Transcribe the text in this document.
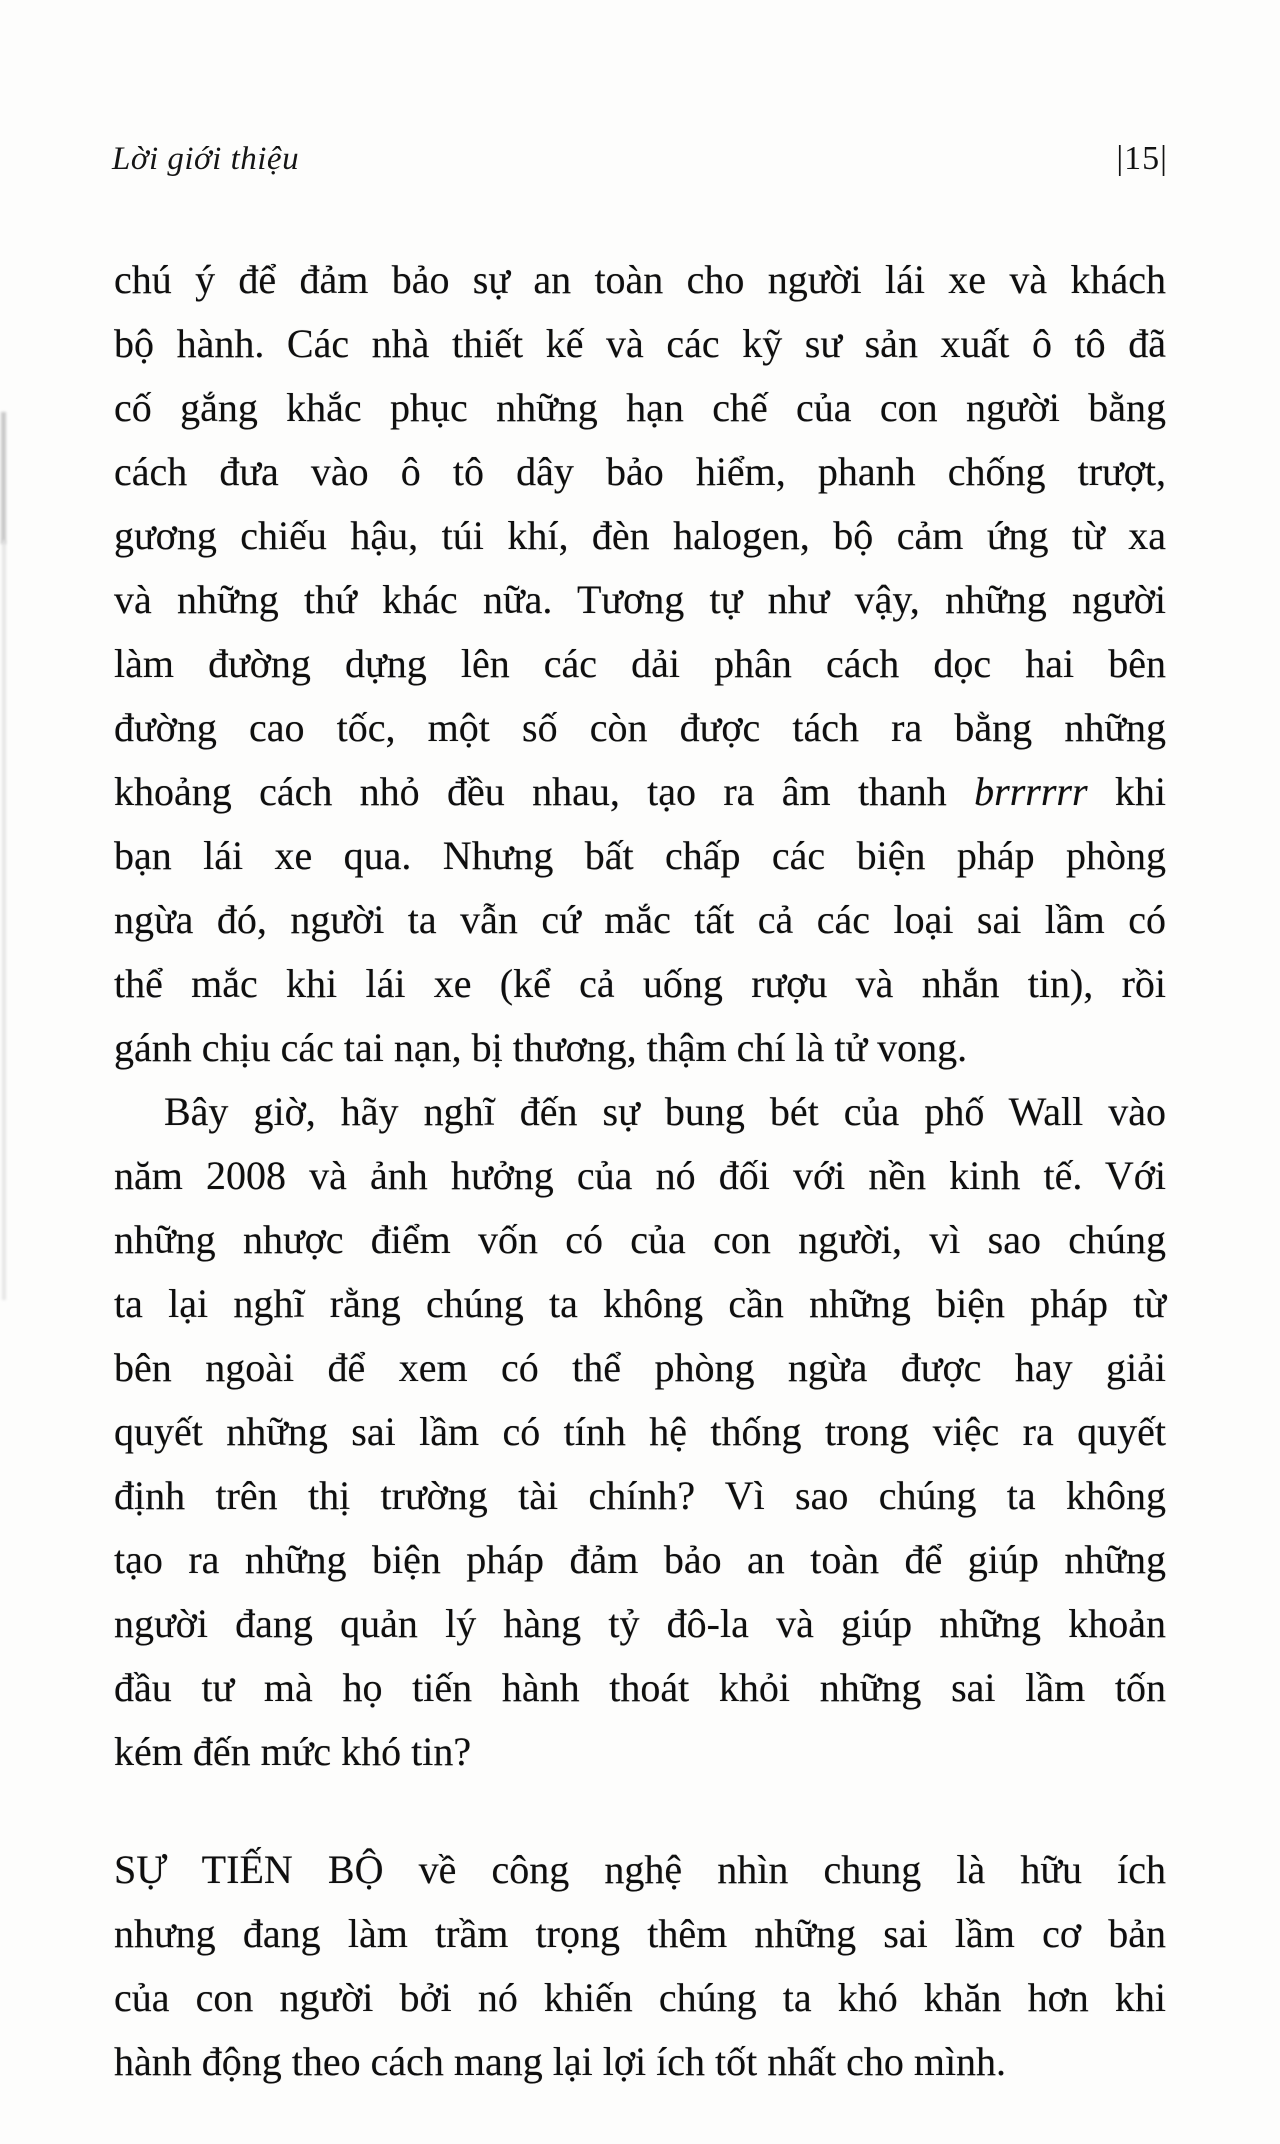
Lời giới thiệu	|15|
chú ý để đảm bảo sự an toàn cho người lái xe và khách
bộ hành. Các nhà thiết kế và các kỹ sư sản xuất ô tô đã
cố gắng khắc phục những hạn chế của con người bằng
cách đưa vào ô tô dây bảo hiểm, phanh chống trượt,
gương chiếu hậu, túi khí, đèn halogen, bộ cảm ứng từ xa
và những thứ khác nữa. Tương tự như vậy, những người
làm đường dựng lên các dải phân cách dọc hai bên
đường cao tốc, một số còn được tách ra bằng những
khoảng cách nhỏ đều nhau, tạo ra âm thanh brrrrrr khi
bạn lái xe qua. Nhưng bất chấp các biện pháp phòng
ngừa đó, người ta vẫn cứ mắc tất cả các loại sai lầm có
thể mắc khi lái xe (kể cả uống rượu và nhắn tin), rồi
gánh chịu các tai nạn, bị thương, thậm chí là tử vong.
Bây giờ, hãy nghĩ đến sự bung bét của phố Wall vào
năm 2008 và ảnh hưởng của nó đối với nền kinh tế. Với
những nhược điểm vốn có của con người, vì sao chúng
ta lại nghĩ rằng chúng ta không cần những biện pháp từ
bên ngoài để xem có thể phòng ngừa được hay giải
quyết những sai lầm có tính hệ thống trong việc ra quyết
định trên thị trường tài chính? Vì sao chúng ta không
tạo ra những biện pháp đảm bảo an toàn để giúp những
người đang quản lý hàng tỷ đô-la và giúp những khoản
đầu tư mà họ tiến hành thoát khỏi những sai lầm tốn
kém đến mức khó tin?
SỰ TIẾN BỘ về công nghệ nhìn chung là hữu ích
nhưng đang làm trầm trọng thêm những sai lầm cơ bản
của con người bởi nó khiến chúng ta khó khăn hơn khi
hành động theo cách mang lại lợi ích tốt nhất cho mình.
